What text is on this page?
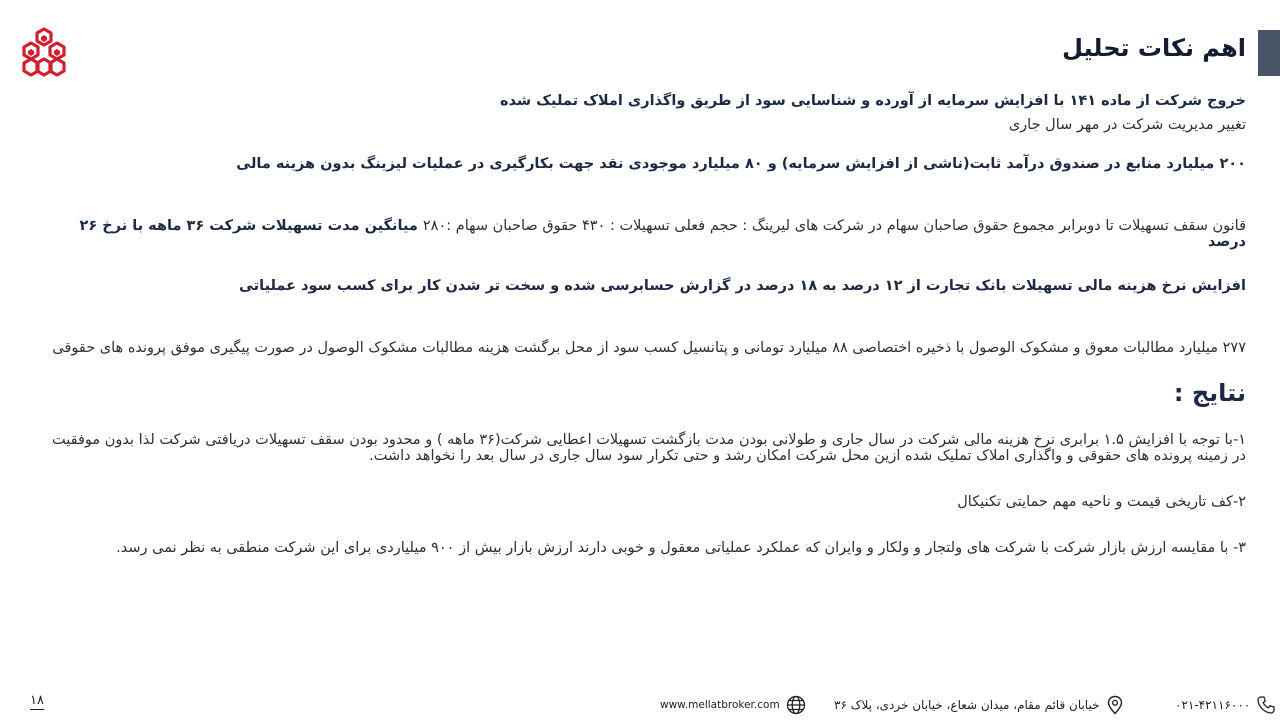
اهم نکات تحلیل

خروج شرکت از ماده ۱۴۱ با افزایش سرمایه از آورده و شناسایی سود از طریق واگذاری املاک تملیک شده

تغییر مدیریت شرکت در مهر سال جاری

۲۰۰ میلیارد منابع در صندوق درآمد ثابت(ناشی از افزایش سرمایه) و ۸۰ میلیارد موجودی نقد جهت بکارگیری در عملیات لیزینگ بدون هزینه مالی

قانون سقف تسهیلات تا دوبرابر مجموع حقوق صاحبان سهام در شرکت های لیرینگ : حجم فعلی تسهیلات : ۴۳۰ حقوق صاحبان سهام :۲۸۰ میانگین مدت تسهیلات شرکت ۳۶ ماهه با نرخ ۲۶ درصد

افزایش نرخ هزینه مالی تسهیلات بانک تجارت از ۱۲ درصد به ۱۸ درصد در گزارش حسابرسی شده و سخت تر شدن کار برای کسب سود عملیاتی

۲۷۷ میلیارد مطالبات معوق و مشکوک الوصول با ذخیره اختصاصی ۸۸ میلیارد تومانی و پتانسیل کسب سود از محل برگشت هزینه مطالبات مشکوک الوصول در صورت پیگیری موفق پرونده های حقوقی

نتایج :

۱-با توجه با افزایش ۱.۵ برابری نرخ هزینه مالی شرکت در سال جاری و طولانی بودن مدت بازگشت تسهیلات اعطایی شرکت(۳۶ ماهه ) و محدود بودن سقف تسهیلات دریافتی شرکت لذا بدون موفقیت در زمینه پرونده های حقوقی و واگذاری املاک تملیک شده ازین محل شرکت امکان رشد و حتی تکرار سود سال جاری در سال بعد را نخواهد داشت.

۲-کف تاریخی قیمت و ناحیه مهم حمایتی تکنیکال

۳- با مقایسه ارزش بازار شرکت با شرکت های ولتجار و ولکار و وایران که عملکرد عملیاتی معقول و خوبی دارند ارزش بازار بیش از ۹۰۰ میلیاردی برای این شرکت منطقی به نظر نمی رسد.

۱۸	www.mellatbroker.com	خیابان قائم مقام، میدان شعاع، خیابان خردی، پلاک ۳۶	۰۲۱-۴۲۱۱۶۰۰۰
